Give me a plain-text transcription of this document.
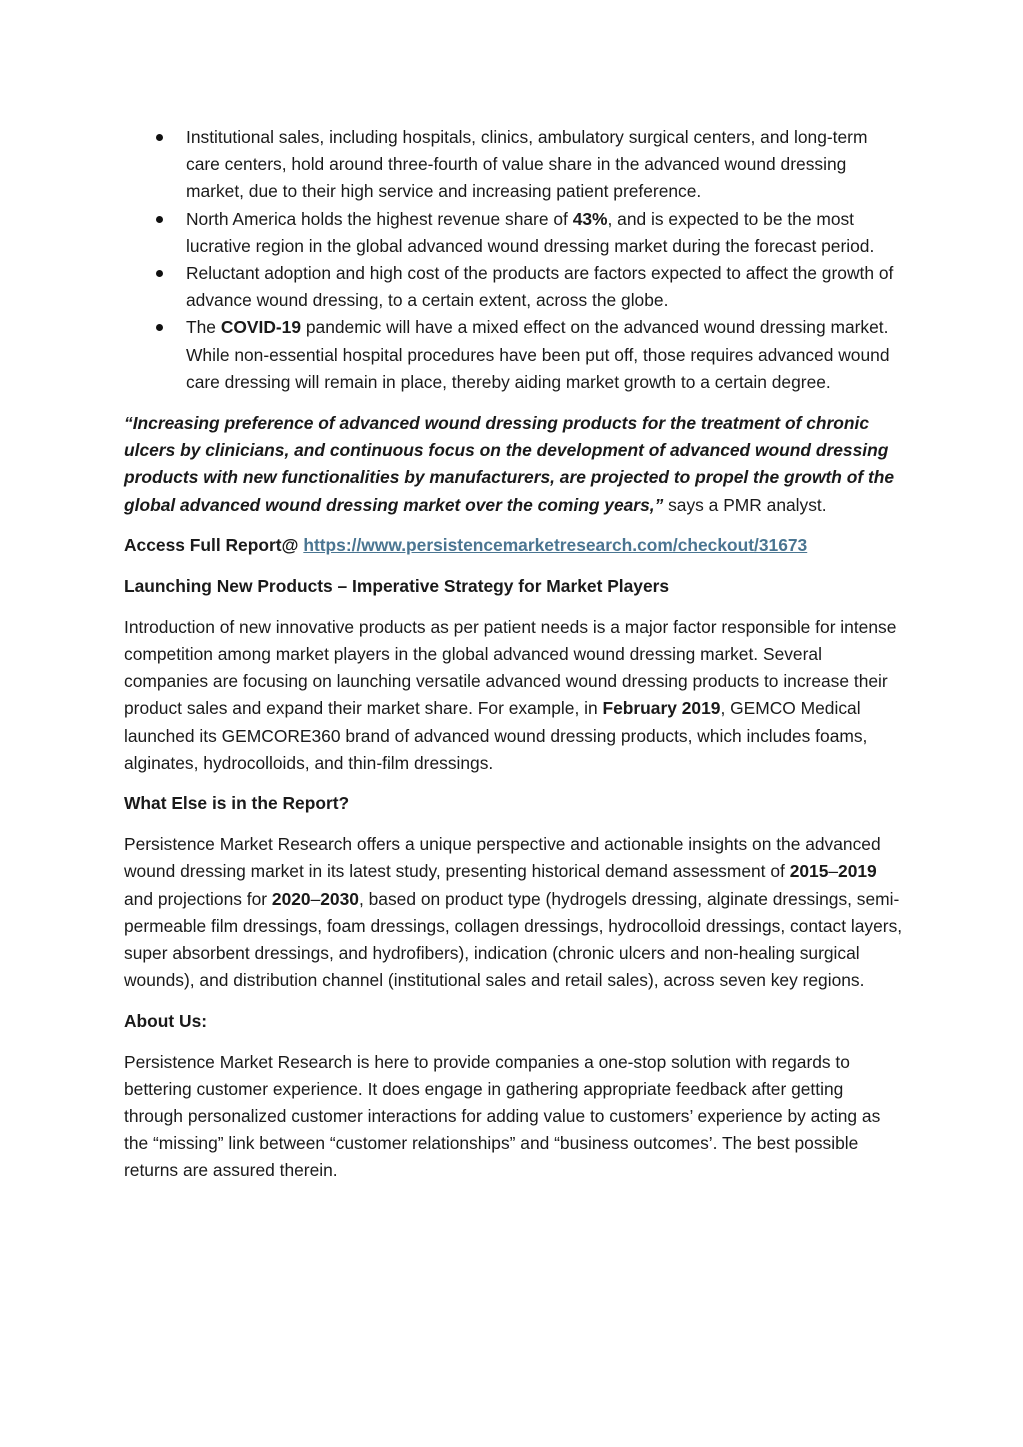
Institutional sales, including hospitals, clinics, ambulatory surgical centers, and long-term care centers, hold around three-fourth of value share in the advanced wound dressing market, due to their high service and increasing patient preference.
North America holds the highest revenue share of 43%, and is expected to be the most lucrative region in the global advanced wound dressing market during the forecast period.
Reluctant adoption and high cost of the products are factors expected to affect the growth of advance wound dressing, to a certain extent, across the globe.
The COVID-19 pandemic will have a mixed effect on the advanced wound dressing market. While non-essential hospital procedures have been put off, those requires advanced wound care dressing will remain in place, thereby aiding market growth to a certain degree.

“Increasing preference of advanced wound dressing products for the treatment of chronic ulcers by clinicians, and continuous focus on the development of advanced wound dressing products with new functionalities by manufacturers, are projected to propel the growth of the global advanced wound dressing market over the coming years,” says a PMR analyst.

Access Full Report@ https://www.persistencemarketresearch.com/checkout/31673

Launching New Products – Imperative Strategy for Market Players

Introduction of new innovative products as per patient needs is a major factor responsible for intense competition among market players in the global advanced wound dressing market. Several companies are focusing on launching versatile advanced wound dressing products to increase their product sales and expand their market share. For example, in February 2019, GEMCO Medical launched its GEMCORE360 brand of advanced wound dressing products, which includes foams, alginates, hydrocolloids, and thin-film dressings.

What Else is in the Report?

Persistence Market Research offers a unique perspective and actionable insights on the advanced wound dressing market in its latest study, presenting historical demand assessment of 2015–2019 and projections for 2020–2030, based on product type (hydrogels dressing, alginate dressings, semi-permeable film dressings, foam dressings, collagen dressings, hydrocolloid dressings, contact layers, super absorbent dressings, and hydrofibers), indication (chronic ulcers and non-healing surgical wounds), and distribution channel (institutional sales and retail sales), across seven key regions.

About Us:

Persistence Market Research is here to provide companies a one-stop solution with regards to bettering customer experience. It does engage in gathering appropriate feedback after getting through personalized customer interactions for adding value to customers’ experience by acting as the “missing” link between “customer relationships” and “business outcomes’. The best possible returns are assured therein.
